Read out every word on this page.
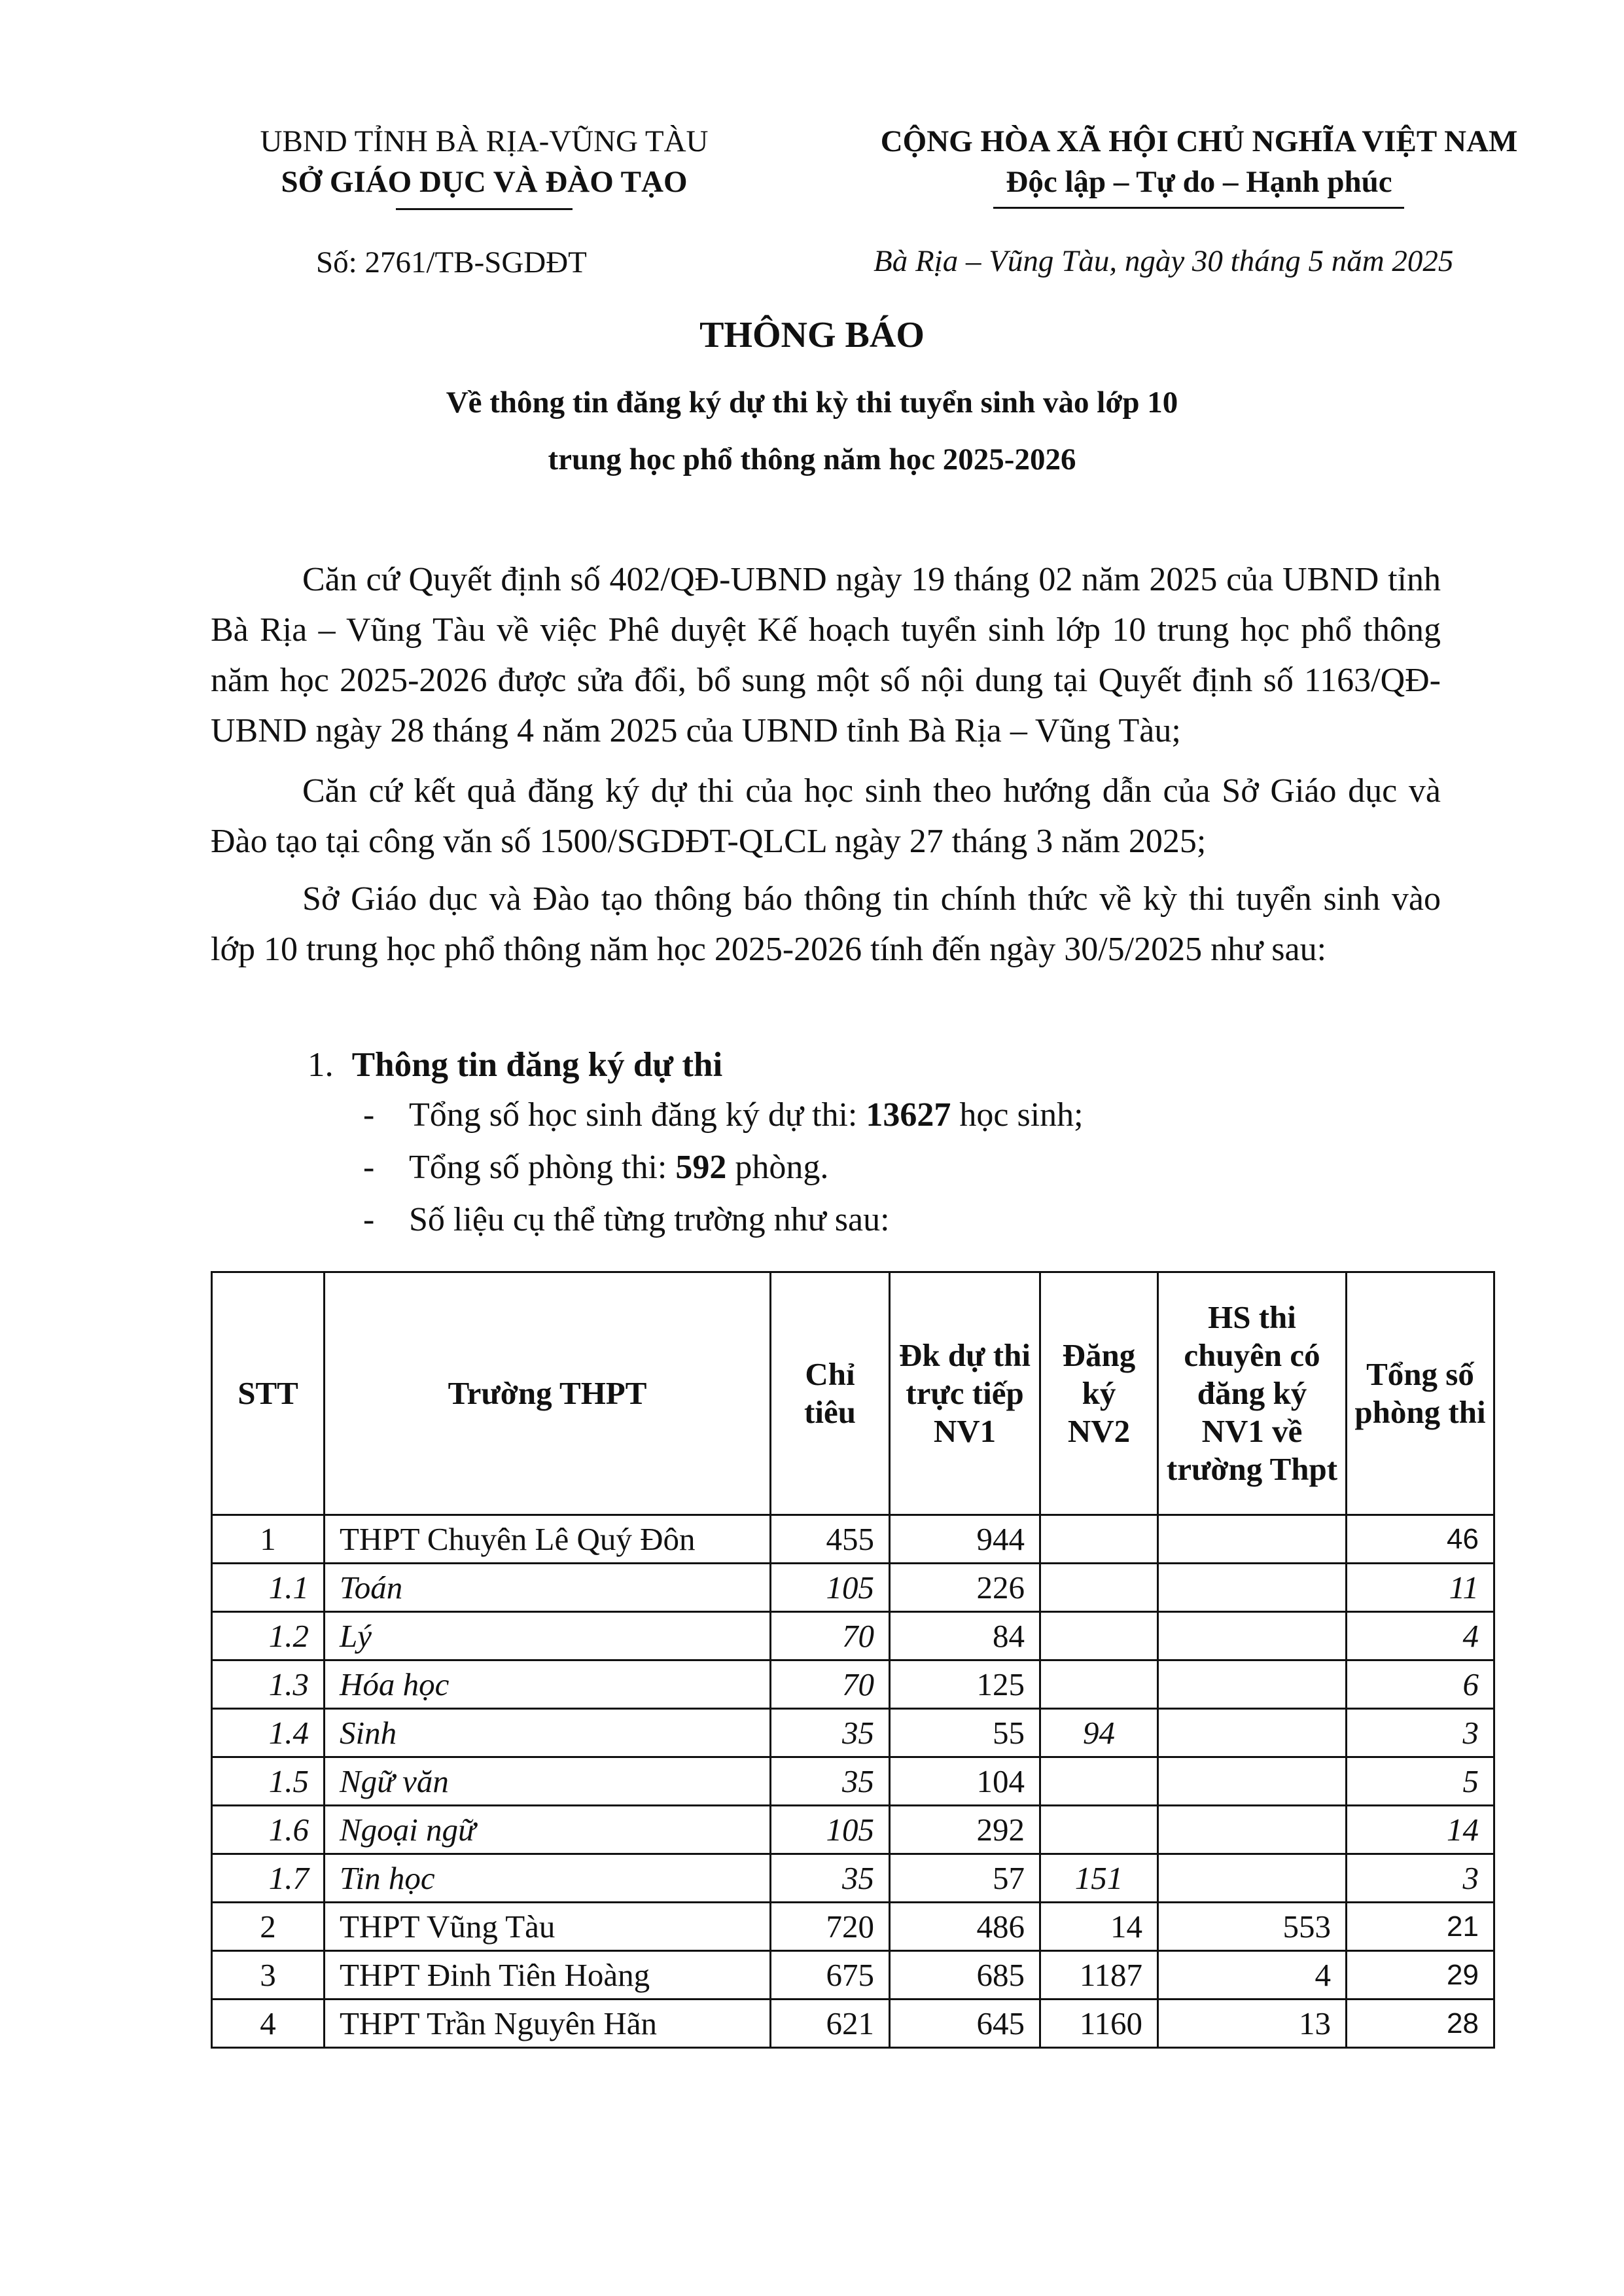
UBND TỈNH BÀ RỊA-VŨNG TÀU
SỞ GIÁO DỤC VÀ ĐÀO TẠO
CỘNG HÒA XÃ HỘI CHỦ NGHĨA VIỆT NAM
Độc lập – Tự do – Hạnh phúc
Số: 2761/TB-SGDĐT	Bà Rịa – Vũng Tàu, ngày 30 tháng 5 năm 2025
THÔNG BÁO
Về thông tin đăng ký dự thi kỳ thi tuyển sinh vào lớp 10
trung học phổ thông năm học 2025-2026
Căn cứ Quyết định số 402/QĐ-UBND ngày 19 tháng 02 năm 2025 của UBND tỉnh Bà Rịa – Vũng Tàu về việc Phê duyệt Kế hoạch tuyển sinh lớp 10 trung học phổ thông năm học 2025-2026 được sửa đổi, bổ sung một số nội dung tại Quyết định số 1163/QĐ-UBND ngày 28 tháng 4 năm 2025 của UBND tỉnh Bà Rịa – Vũng Tàu;
Căn cứ kết quả đăng ký dự thi của học sinh theo hướng dẫn của Sở Giáo dục và Đào tạo tại công văn số 1500/SGDĐT-QLCL ngày 27 tháng 3 năm 2025;
Sở Giáo dục và Đào tạo thông báo thông tin chính thức về kỳ thi tuyển sinh vào lớp 10 trung học phổ thông năm học 2025-2026 tính đến ngày 30/5/2025 như sau:
1. Thông tin đăng ký dự thi
- Tổng số học sinh đăng ký dự thi: 13627 học sinh;
- Tổng số phòng thi: 592 phòng.
- Số liệu cụ thể từng trường như sau:
STT	Trường THPT	Chỉ tiêu	Đk dự thi trực tiếp NV1	Đăng ký NV2	HS thi chuyên có đăng ký NV1 về trường Thpt	Tổng số phòng thi
1	THPT Chuyên Lê Quý Đôn	455	944			46
1.1	Toán	105	226			11
1.2	Lý	70	84			4
1.3	Hóa học	70	125			6
1.4	Sinh	35	55	94		3
1.5	Ngữ văn	35	104			5
1.6	Ngoại ngữ	105	292			14
1.7	Tin học	35	57	151		3
2	THPT Vũng Tàu	720	486	14	553	21
3	THPT Đinh Tiên Hoàng	675	685	1187	4	29
4	THPT Trần Nguyên Hãn	621	645	1160	13	28
